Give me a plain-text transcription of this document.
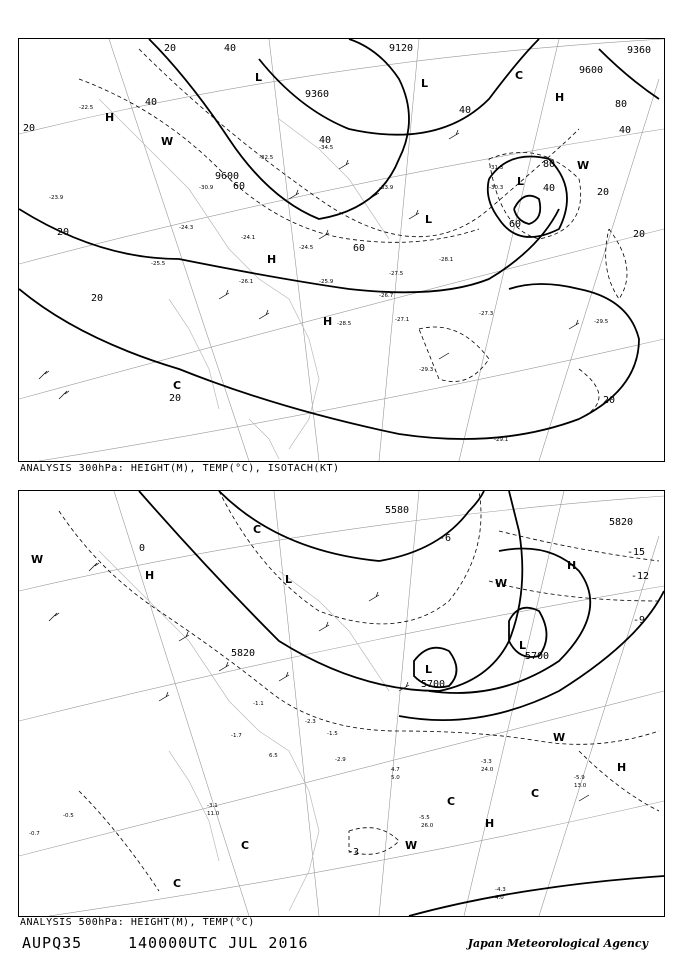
-34.5
-33.9
-32.5
-31.3
-30.9	-30.3
-29.5
-29.3
-29.1
-28.5
-28.1
-27.5
-27.3
-27.1
-26.7
-26.1	-25.9
-25.5
-24.5
-24.1
-24.3
-23.9
-22.5
9120	9360
9600
9360
9600
20	40
40
40
40
20
60
80
40
60
80
40
60
20
20
20
20
20	20
H
L
H
L
L
H
H
C
C
W
W
L
ANALYSIS 300hPa: HEIGHT(M), TEMP(°C), ISOTACH(KT)
-5.5
-5.9
-3.3
-4.3
-3.1
-2.9
-2.3
-1.7	-1.5
-1.1
-0.7
-0.5
4.7
6.5
26.0
24.0
13.0
11.0
5.0
4.0
5580
5820
5820
5700
5700
-15
-12
-9
-3
-6
0
H	L
L
L
C
C
C
C
H
H
H
W
W
W
W
C
ANALYSIS 500hPa: HEIGHT(M), TEMP(°C)
AUPQ35	140000UTC JUL 2016	Japan Meteorological Agency
